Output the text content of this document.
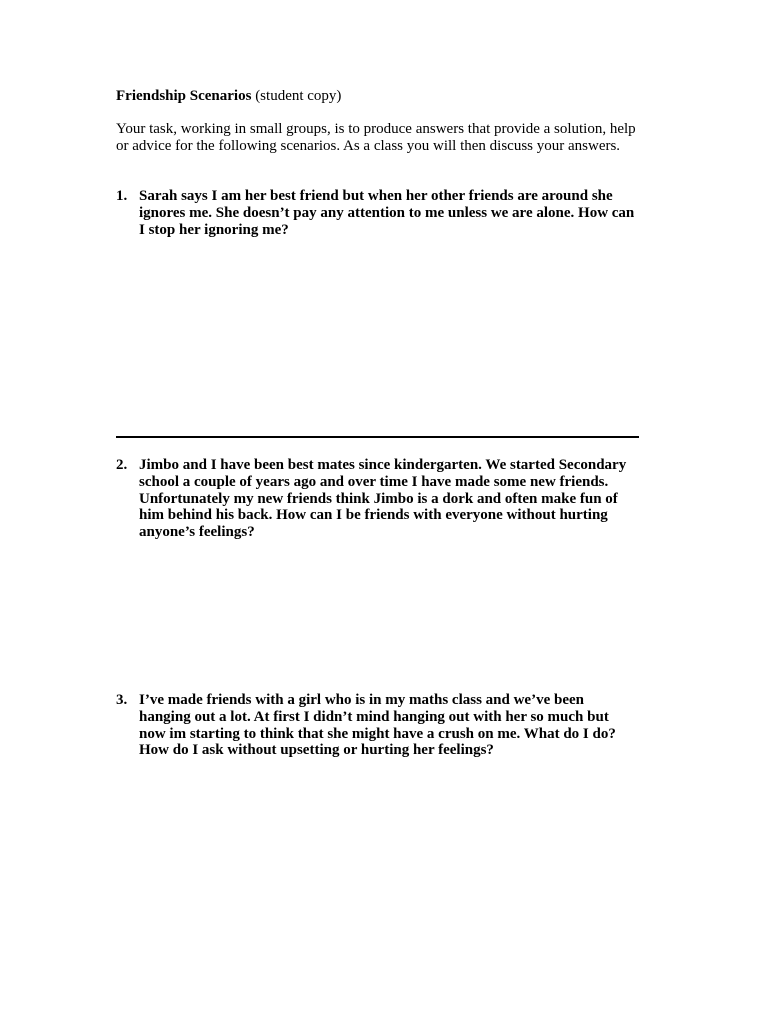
Friendship Scenarios (student copy)
Your task, working in small groups, is to produce answers that provide a solution, help or advice for the following scenarios. As a class you will then discuss your answers.
1. Sarah says I am her best friend but when her other friends are around she
ignores me. She doesn’t pay any attention to me unless we are alone. How can
I stop her ignoring me?
2. Jimbo and I have been best mates since kindergarten. We started Secondary
school a couple of years ago and over time I have made some new friends.
Unfortunately my new friends think Jimbo is a dork and often make fun of
him behind his back. How can I be friends with everyone without hurting
anyone’s feelings?
3. I’ve made friends with a girl who is in my maths class and we’ve been
hanging out a lot. At first I didn’t mind hanging out with her so much but
now im starting to think that she might have a crush on me. What do I do?
How do I ask without upsetting or hurting her feelings?
